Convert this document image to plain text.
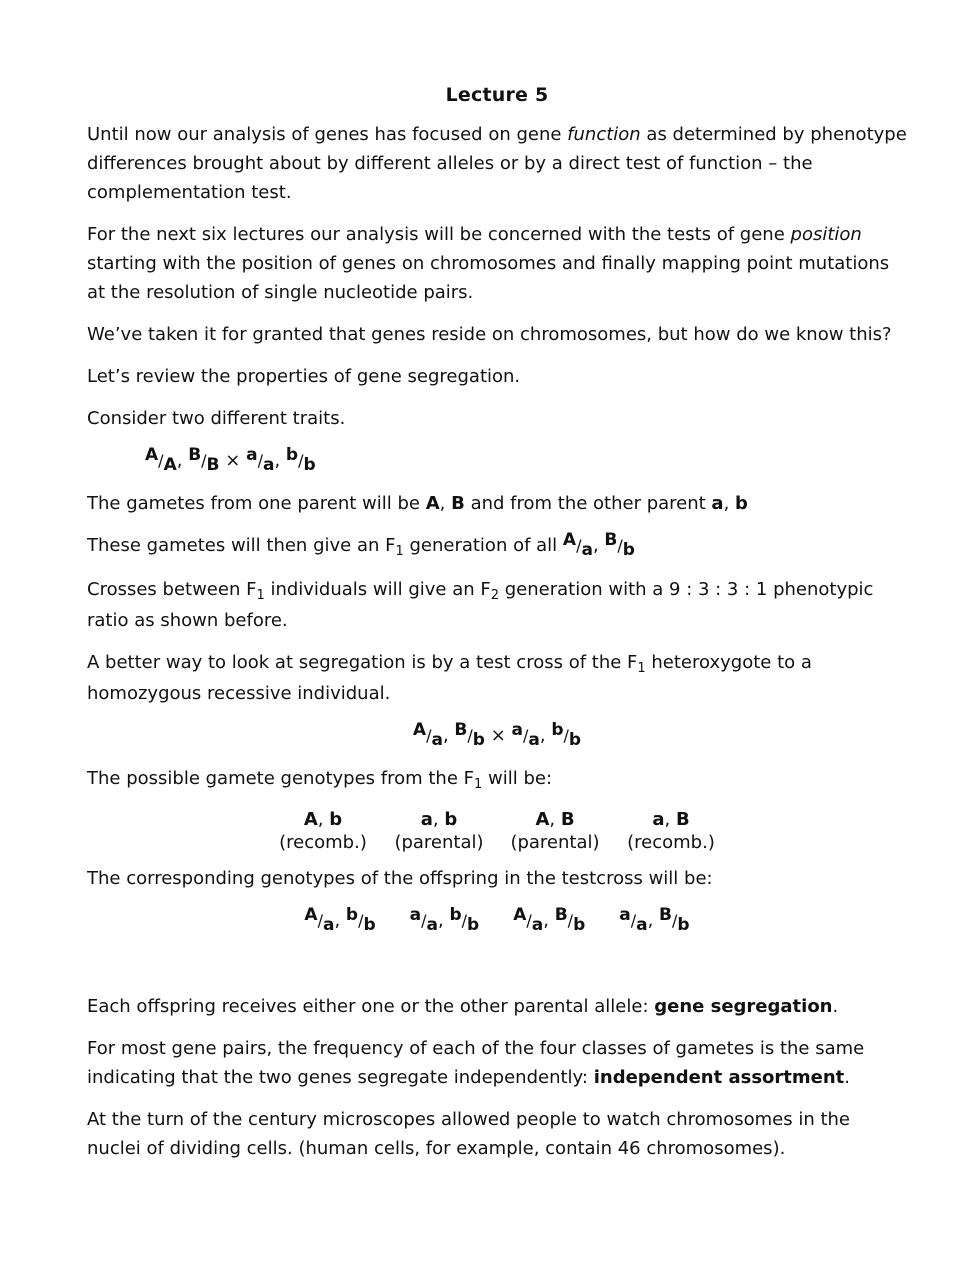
Lecture 5

Until now our analysis of genes has focused on gene function as determined by phenotype differences brought about by different alleles or by a direct test of function – the complementation test.

For the next six lectures our analysis will be concerned with the tests of gene position starting with the position of genes on chromosomes and finally mapping point mutations at the resolution of single nucleotide pairs.

We’ve taken it for granted that genes reside on chromosomes, but how do we know this?

Let’s review the properties of gene segregation.

Consider two different traits.

A/A, B/B × a/a, b/b

The gametes from one parent will be A, B and from the other parent a, b

These gametes will then give an $F_1$ generation of all A/a, B/b

Crosses between $F_1$ individuals will give an $F_2$ generation with a 9 : 3 : 3 : 1 phenotypic ratio as shown before.

A better way to look at segregation is by a test cross of the $F_1$ heteroxygote to a homozygous recessive individual.

A/a, B/b × a/a, b/b

The possible gamete genotypes from the $F_1$ will be:

A, b
(recomb.)
a, b
(parental)
A, B
(parental)
a, B
(recomb.)

The corresponding genotypes of the offspring in the testcross will be:

A/a, b/b a/a, b/b A/a, B/b a/a, B/b

Each offspring receives either one or the other parental allele: gene segregation.

For most gene pairs, the frequency of each of the four classes of gametes is the same indicating that the two genes segregate independently: independent assortment.

At the turn of the century microscopes allowed people to watch chromosomes in the nuclei of dividing cells. (human cells, for example, contain 46 chromosomes).
